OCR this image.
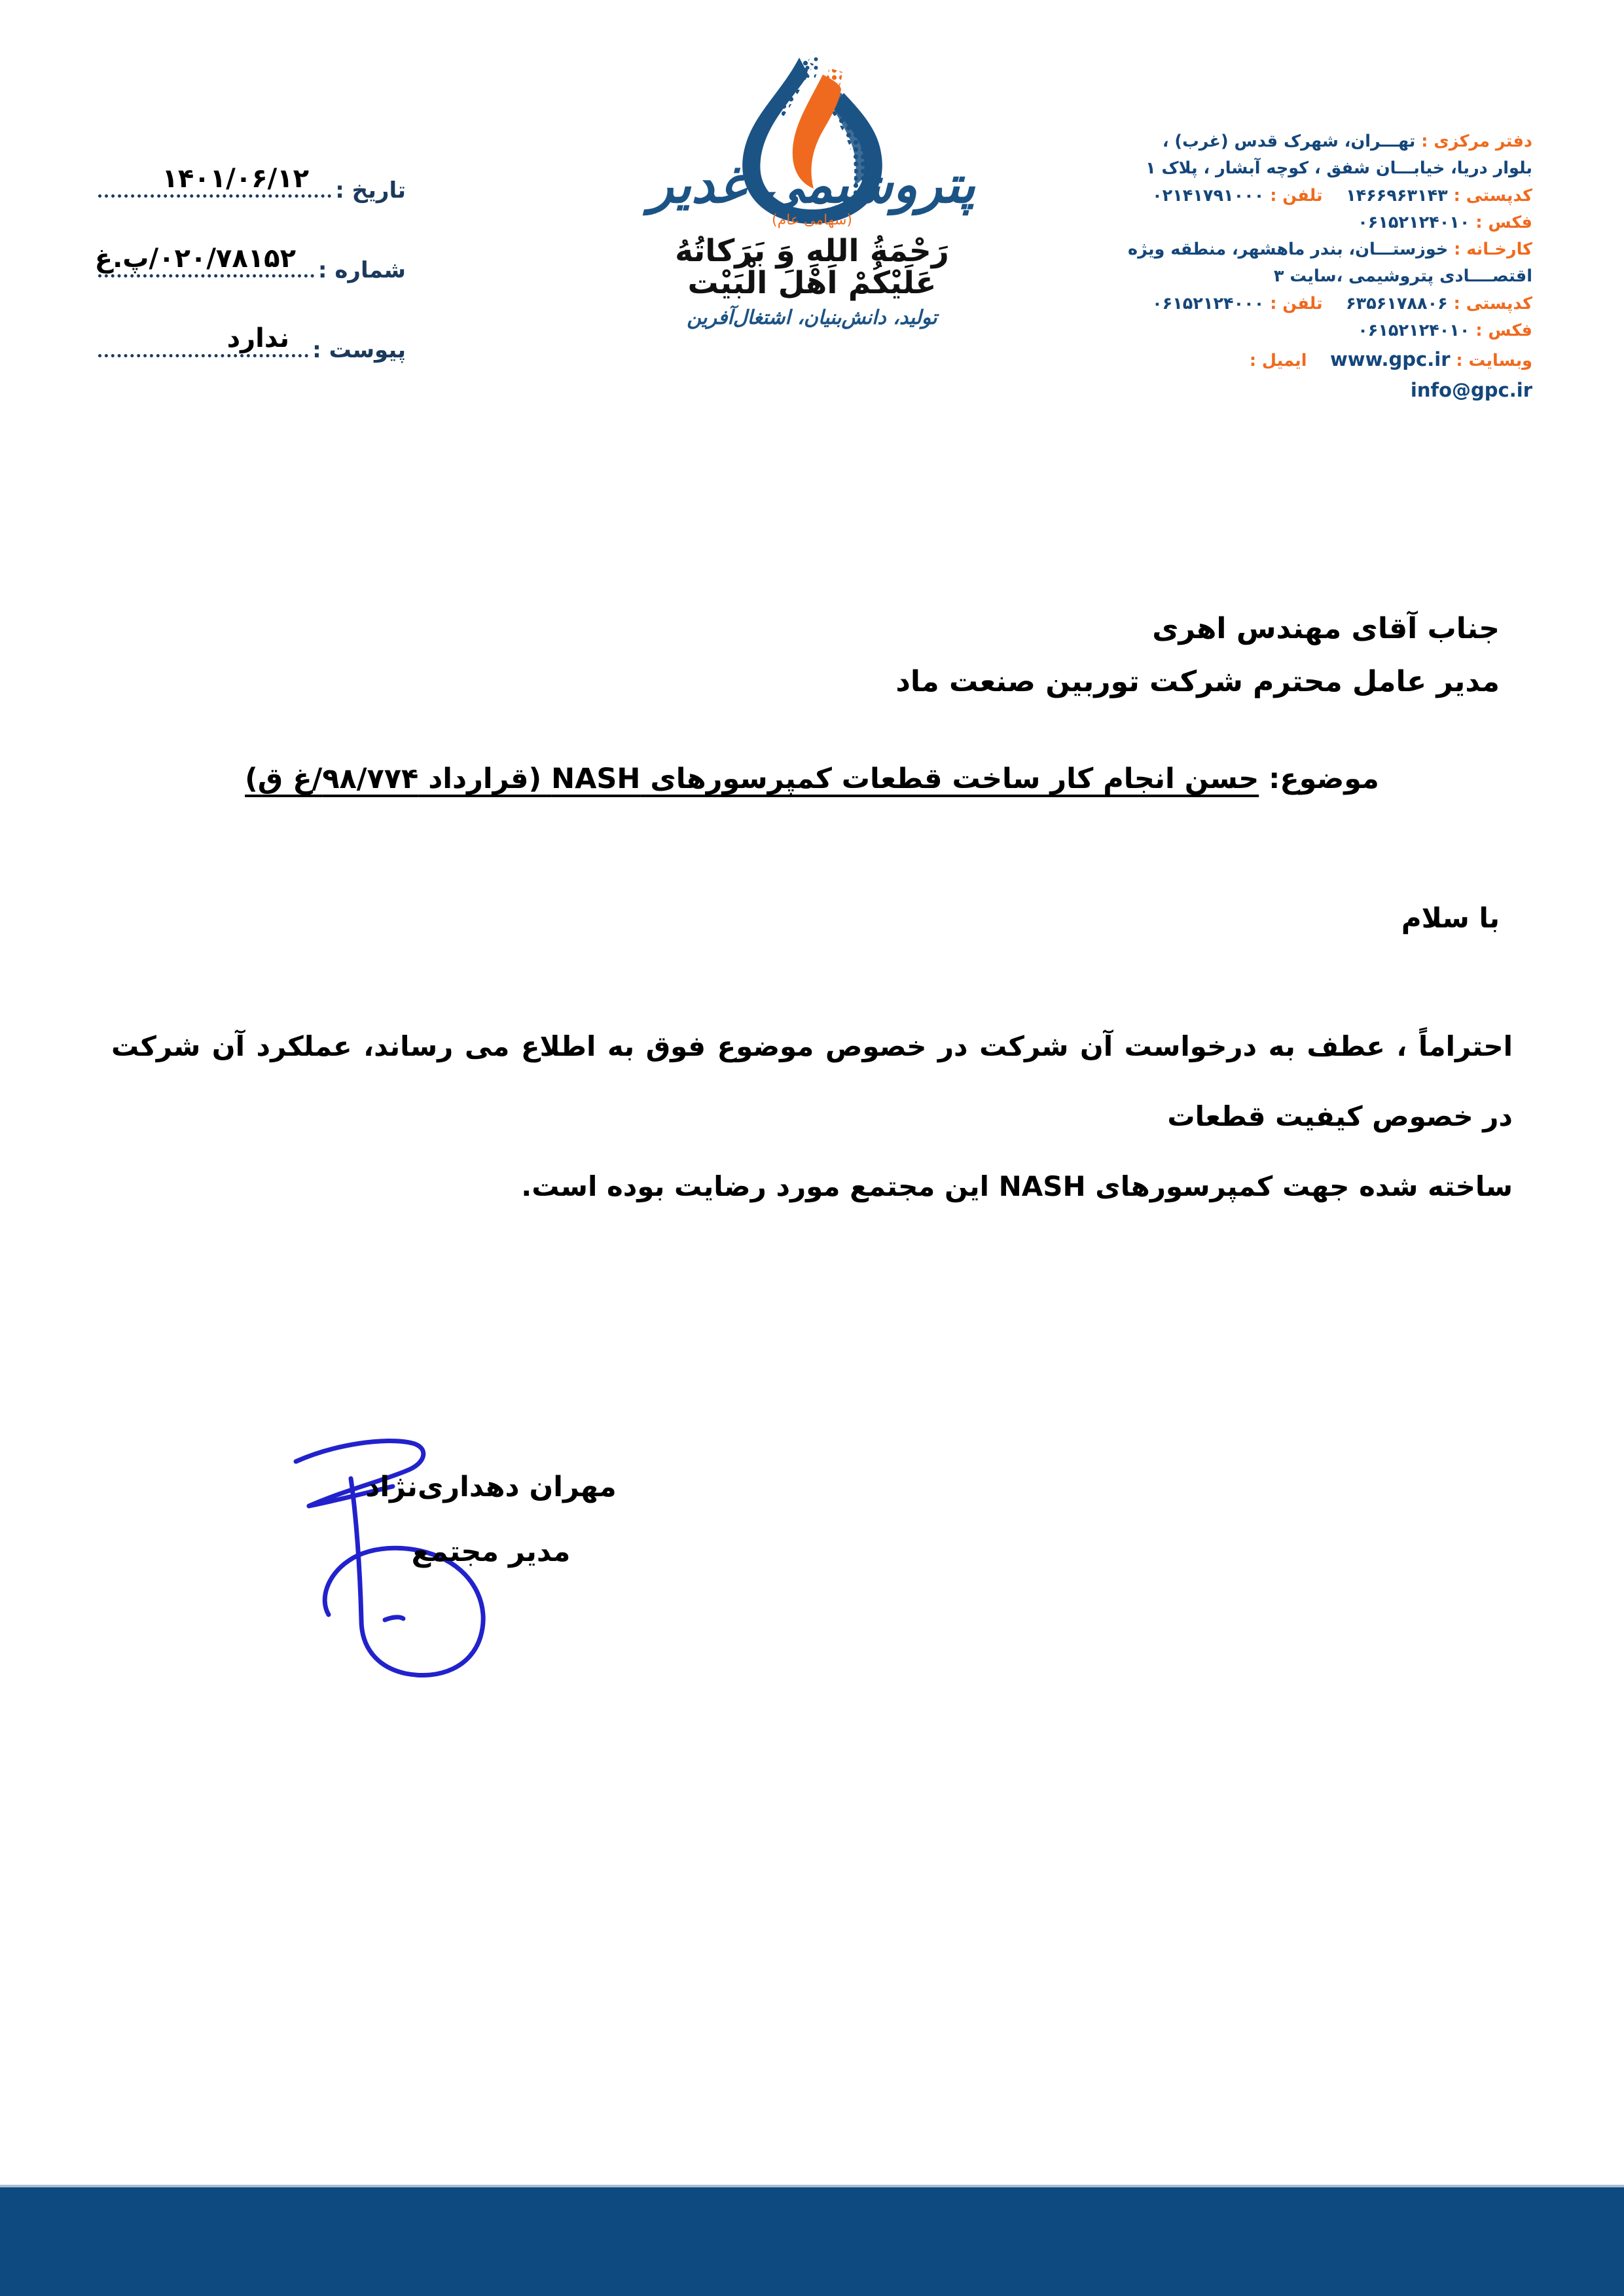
تاریخ :
۱۴۰۱/۰۶/۱۲
شماره :
۰۲۰/۷۸۱۵۲/پ.غ
پیوست :
ندارد
پتروشیمی غدیر
(سهامی عام)
رَحْمَةُ اللهِ وَ بَرَكاتُهُ عَلَيْكُمْ اَهْلَ الْبَيْت
تولید، دانش‌بنیان، اشتغال‌آفرین
دفتر مرکزی : تهـــران، شهرک قدس (غرب) ، بلوار دریا، خیابـــان شفق ، کوچه آبشار ، پلاک ۱
کدپستی : ۱۴۶۶۹۶۳۱۴۳    تلفن : ۰۲۱۴۱۷۹۱۰۰۰
فکس : ۰۶۱۵۲۱۲۴۰۱۰
کارخـانه : خوزستـــان، بندر ماهشهر، منطقه ویژه اقتصــــادی پتروشیمی ،سایت ۳
کدپستی : ۶۳۵۶۱۷۸۸۰۶    تلفن : ۰۶۱۵۲۱۲۴۰۰۰
فکس : ۰۶۱۵۲۱۲۴۰۱۰
وبسایت : www.gpc.ir    ایمیل : info@gpc.ir
جناب آقای مهندس اهری
مدیر عامل محترم شرکت توربین صنعت ماد
موضوع: حسن انجام کار ساخت قطعات کمپرسورهای NASH (قرارداد ۹۸/۷۷۴/غ ق)
با سلام
احتراماً ، عطف به درخواست آن شرکت در خصوص موضوع فوق به اطلاع می رساند، عملکرد آن شرکت در خصوص کیفیت قطعات
ساخته شده جهت کمپرسورهای NASH این مجتمع مورد رضایت بوده است.
مهران دهداری‌نژاد
مدیر مجتمع
